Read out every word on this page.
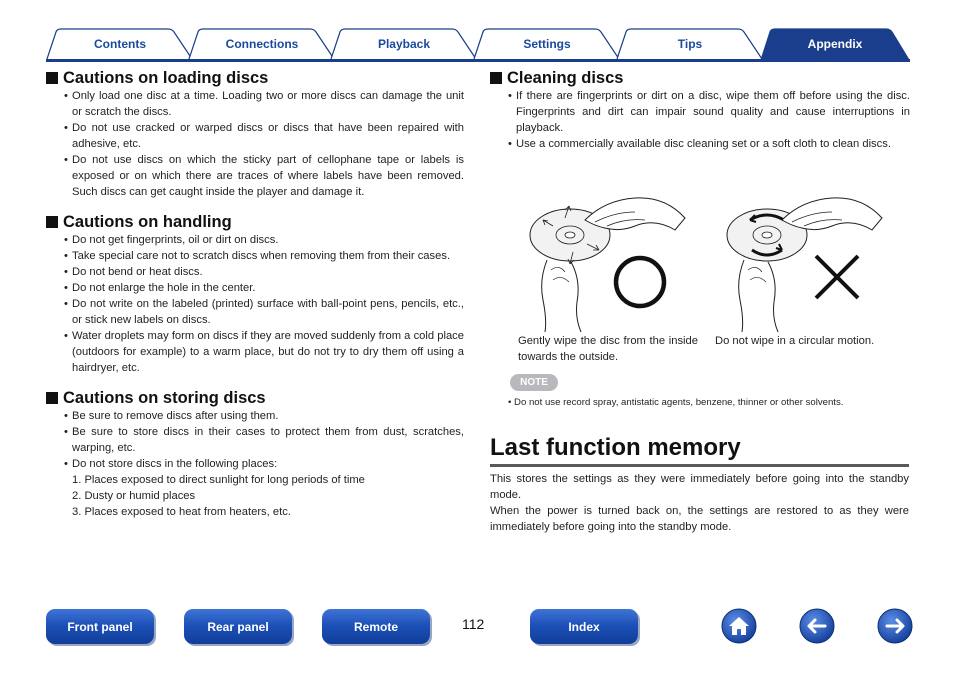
Contents	Connections	Playback	Settings	Tips	Appendix
Cautions on loading discs
• Only load one disc at a time. Loading two or more discs can damage the unit or scratch the discs.
• Do not use cracked or warped discs or discs that have been repaired with adhesive, etc.
• Do not use discs on which the sticky part of cellophane tape or labels is exposed or on which there are traces of where labels have been removed. Such discs can get caught inside the player and damage it.
Cautions on handling
• Do not get fingerprints, oil or dirt on discs.
• Take special care not to scratch discs when removing them from their cases.
• Do not bend or heat discs.
• Do not enlarge the hole in the center.
• Do not write on the labeled (printed) surface with ball-point pens, pencils, etc., or stick new labels on discs.
• Water droplets may form on discs if they are moved suddenly from a cold place (outdoors for example) to a warm place, but do not try to dry them off using a hairdryer, etc.
Cautions on storing discs
• Be sure to remove discs after using them.
• Be sure to store discs in their cases to protect them from dust, scratches, warping, etc.
• Do not store discs in the following places:
1. Places exposed to direct sunlight for long periods of time
2. Dusty or humid places
3. Places exposed to heat from heaters, etc.
Cleaning discs
• If there are fingerprints or dirt on a disc, wipe them off before using the disc. Fingerprints and dirt can impair sound quality and cause interruptions in playback.
• Use a commercially available disc cleaning set or a soft cloth to clean discs.
Gently wipe the disc from the inside towards the outside.
Do not wipe in a circular motion.
NOTE
• Do not use record spray, antistatic agents, benzene, thinner or other solvents.
Last function memory

This stores the settings as they were immediately before going into the standby mode.

When the power is turned back on, the settings are restored to as they were immediately before going into the standby mode.

Front panel	Rear panel	Remote	112	Index
